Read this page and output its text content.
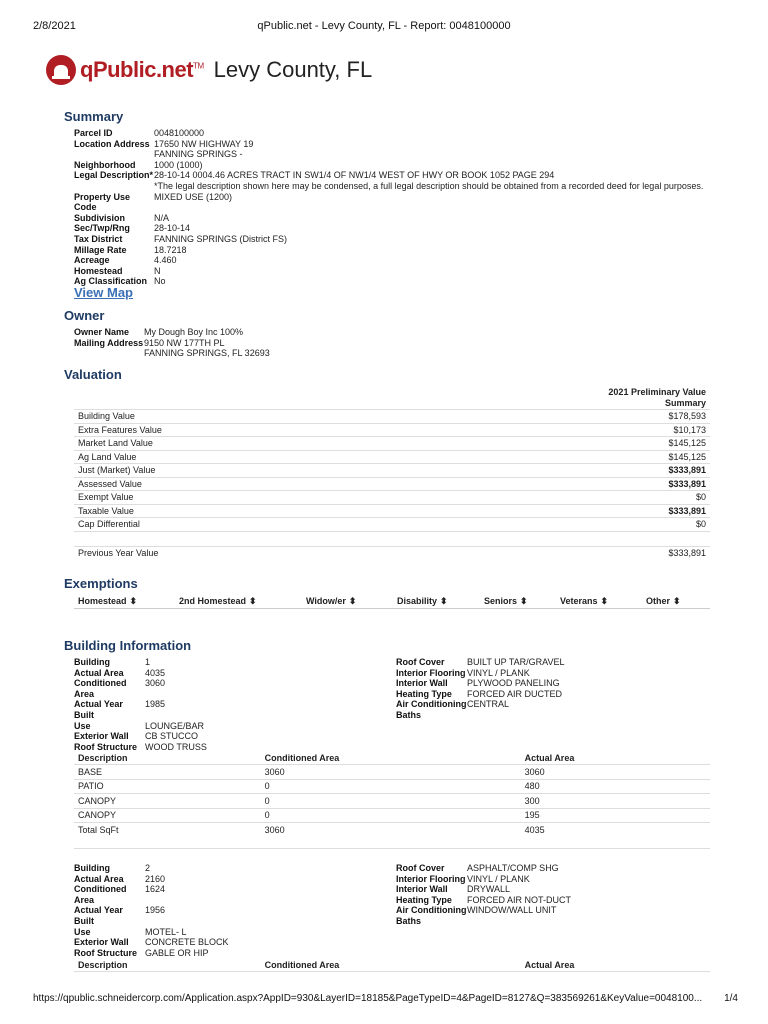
2/8/2021	qPublic.net - Levy County, FL - Report: 0048100000
qPublic.net™ Levy County, FL
Summary
Parcel ID	0048100000
Location Address 17650 NW HIGHWAY 19
FANNING SPRINGS -
Neighborhood	1000 (1000)
Legal Description* 28-10-14 0004.46 ACRES TRACT IN SW1/4 OF NW1/4 WEST OF HWY OR BOOK 1052 PAGE 294
*The legal description shown here may be condensed, a full legal description should be obtained from a recorded deed for legal purposes.
Property Use Code
MIXED USE (1200)
Subdivision	N/A
Sec/Twp/Rng	28-10-14
Tax District	FANNING SPRINGS (District FS)
Millage Rate	18.7218
Acreage	4.460
Homestead	N
Ag Classification No
View Map
Owner
Owner Name	My Dough Boy Inc 100%
Mailing Address 9150 NW 177TH PL
FANNING SPRINGS, FL 32693
Valuation
2021 Preliminary Value
Summary
Building Value	$178,593
Extra Features Value	$10,173
Market Land Value	$145,125
Ag Land Value	$145,125
Just (Market) Value	$333,891
Assessed Value	$333,891
Exempt Value	$0
Taxable Value	$333,891
Cap Differential	$0

Previous Year Value	$333,891
Exemptions
Homestead ⬍	2nd Homestead ⬍	Widow/er ⬍	Disability ⬍	Seniors ⬍	Veterans ⬍	Other ⬍
Building Information
Building	1
Actual Area	4035
Conditioned Area
3060
Actual Year Built
1985
Use	LOUNGE/BAR
Exterior Wall	CB STUCCO
Roof Structure WOOD TRUSS
Roof Cover	BUILT UP TAR/GRAVEL
Interior Flooring VINYL / PLANK
Interior Wall	PLYWOOD PANELING
Heating Type	FORCED AIR DUCTED
Air Conditioning CENTRAL
Baths
Description	Conditioned Area	Actual Area
BASE	3060	3060
PATIO	0	480
CANOPY	0	300
CANOPY	0	195
Total SqFt	3060	4035
Building	2
Actual Area	2160
Conditioned Area
1624
Actual Year Built
1956
Use	MOTEL- L
Exterior Wall	CONCRETE BLOCK
Roof Structure GABLE OR HIP
Roof Cover	ASPHALT/COMP SHG
Interior Flooring VINYL / PLANK
Interior Wall	DRYWALL
Heating Type	FORCED AIR NOT-DUCT
Air Conditioning WINDOW/WALL UNIT
Baths
Description	Conditioned Area	Actual Area

https://qpublic.schneidercorp.com/Application.aspx?AppID=930&LayerID=18185&PageTypeID=4&PageID=8127&Q=383569261&KeyValue=0048100... 1/4
